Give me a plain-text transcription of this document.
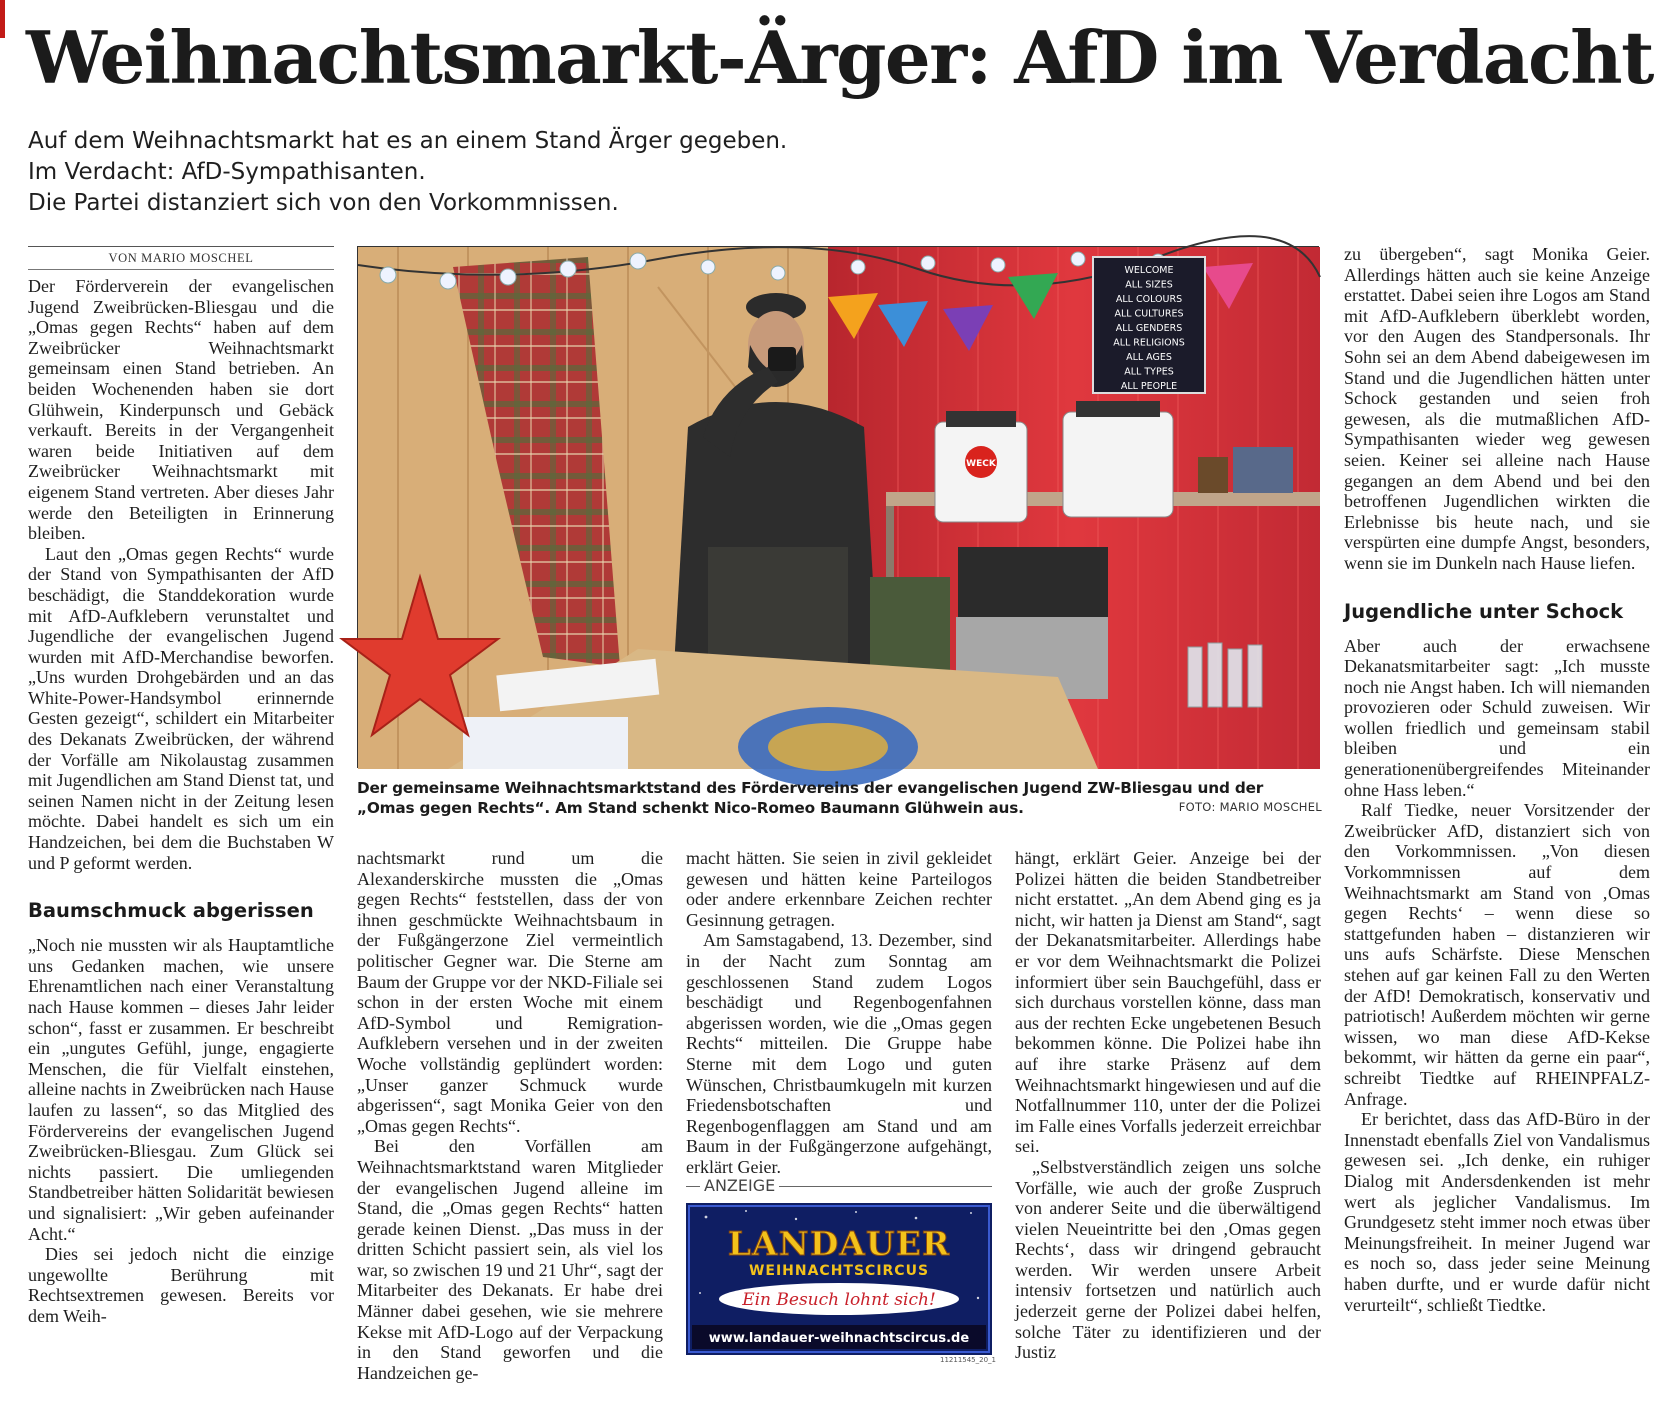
Weihnachtsmarkt-Ärger: AfD im Verdacht
Auf dem Weihnachtsmarkt hat es an einem Stand Ärger gegeben.
Im Verdacht: AfD-Sympathisanten.
Die Partei distanziert sich von den Vorkommnissen.
VON MARIO MOSCHEL

Der Förderverein der evangelischen Jugend Zweibrücken-Bliesgau und die „Omas gegen Rechts“ haben auf dem Zweibrücker Weihnachtsmarkt gemeinsam einen Stand betrieben. An beiden Wochenenden haben sie dort Glühwein, Kinderpunsch und Gebäck verkauft. Bereits in der Vergangenheit waren beide Initiativen auf dem Zweibrücker Weihnachtsmarkt mit eigenem Stand vertreten. Aber dieses Jahr werde den Beteiligten in Erinnerung bleiben.

Laut den „Omas gegen Rechts“ wurde der Stand von Sympathisanten der AfD beschädigt, die Standdekoration wurde mit AfD-Aufklebern verunstaltet und Jugendliche der evangelischen Jugend wurden mit AfD-Merchandise beworfen. „Uns wurden Drohgebärden und an das White-Power-Handsymbol erinnernde Gesten gezeigt“, schildert ein Mitarbeiter des Dekanats Zweibrücken, der während der Vorfälle am Nikolaustag zusammen mit Jugendlichen am Stand Dienst tat, und seinen Namen nicht in der Zeitung lesen möchte. Dabei handelt es sich um ein Handzeichen, bei dem die Buchstaben W und P geformt werden.

Baumschmuck abgerissen

„Noch nie mussten wir als Hauptamtliche uns Gedanken machen, wie unsere Ehrenamtlichen nach einer Veranstaltung nach Hause kommen – dieses Jahr leider schon“, fasst er zusammen. Er beschreibt ein „ungutes Gefühl, junge, engagierte Menschen, die für Vielfalt einstehen, alleine nachts in Zweibrücken nach Hause laufen zu lassen“, so das Mitglied des Fördervereins der evangelischen Jugend Zweibrücken-Bliesgau. Zum Glück sei nichts passiert. Die umliegenden Standbetreiber hätten Solidarität bewiesen und signalisiert: „Wir geben aufeinander Acht.“

Dies sei jedoch nicht die einzige ungewollte Berührung mit Rechtsextremen gewesen. Bereits vor dem Weih-

WELCOME
ALL SIZES
ALL COLOURS
ALL CULTURES
ALL GENDERS
ALL RELIGIONS
ALL AGES
ALL TYPES
ALL PEOPLE
WECK
Der gemeinsame Weihnachtsmarktstand des Fördervereins der evangelischen Jugend ZW-Bliesgau und der „Omas gegen Rechts“. Am Stand schenkt Nico-Romeo Baumann Glühwein aus.	FOTO: MARIO MOSCHEL

nachtsmarkt rund um die Alexanderskirche mussten die „Omas gegen Rechts“ feststellen, dass der von ihnen geschmückte Weihnachtsbaum in der Fußgängerzone Ziel vermeintlich politischer Gegner war. Die Sterne am Baum der Gruppe vor der NKD-Filiale sei schon in der ersten Woche mit einem AfD-Symbol und Remigration-Aufklebern versehen und in der zweiten Woche vollständig geplündert worden: „Unser ganzer Schmuck wurde abgerissen“, sagt Monika Geier von den „Omas gegen Rechts“.

Bei den Vorfällen am Weihnachtsmarktstand waren Mitglieder der evangelischen Jugend alleine im Stand, die „Omas gegen Rechts“ hatten gerade keinen Dienst. „Das muss in der dritten Schicht passiert sein, als viel los war, so zwischen 19 und 21 Uhr“, sagt der Mitarbeiter des Dekanats. Er habe drei Männer dabei gesehen, wie sie mehrere Kekse mit AfD-Logo auf der Verpackung in den Stand geworfen und die Handzeichen ge-

macht hätten. Sie seien in zivil gekleidet gewesen und hätten keine Parteilogos oder andere erkennbare Zeichen rechter Gesinnung getragen.

Am Samstagabend, 13. Dezember, sind in der Nacht zum Sonntag am geschlossenen Stand zudem Logos beschädigt und Regenbogenfahnen abgerissen worden, wie die „Omas gegen Rechts“ mitteilen. Die Gruppe habe Sterne mit dem Logo und guten Wünschen, Christbaumkugeln mit kurzen Friedensbotschaften und Regenbogenflaggen am Stand und am Baum in der Fußgängerzone aufgehängt, erklärt Geier.

ANZEIGE
LANDAUER
WEIHNACHTSCIRCUS
Ein Besuch lohnt sich!
www.landauer-weihnachtscircus.de
11211545_20_1

hängt, erklärt Geier. Anzeige bei der Polizei hätten die beiden Standbetreiber nicht erstattet. „An dem Abend ging es ja nicht, wir hatten ja Dienst am Stand“, sagt der Dekanatsmitarbeiter. Allerdings habe er vor dem Weihnachtsmarkt die Polizei informiert über sein Bauchgefühl, dass er sich durchaus vorstellen könne, dass man aus der rechten Ecke ungebetenen Besuch bekommen könne. Die Polizei habe ihn auf ihre starke Präsenz auf dem Weihnachtsmarkt hingewiesen und auf die Notfallnummer 110, unter der die Polizei im Falle eines Vorfalls jederzeit erreichbar sei.

„Selbstverständlich zeigen uns solche Vorfälle, wie auch der große Zuspruch von anderer Seite und die überwältigend vielen Neueintritte bei den ‚Omas gegen Rechts‘, dass wir dringend gebraucht werden. Wir werden unsere Arbeit intensiv fortsetzen und natürlich auch jederzeit gerne der Polizei dabei helfen, solche Täter zu identifizieren und der Justiz

zu übergeben“, sagt Monika Geier. Allerdings hätten auch sie keine Anzeige erstattet. Dabei seien ihre Logos am Stand mit AfD-Aufklebern überklebt worden, vor den Augen des Standpersonals. Ihr Sohn sei an dem Abend dabeigewesen im Stand und die Jugendlichen hätten unter Schock gestanden und seien froh gewesen, als die mutmaßlichen AfD-Sympathisanten wieder weg gewesen seien. Keiner sei alleine nach Hause gegangen an dem Abend und bei den betroffenen Jugendlichen wirkten die Erlebnisse bis heute nach, und sie verspürten eine dumpfe Angst, besonders, wenn sie im Dunkeln nach Hause liefen.

Jugendliche unter Schock

Aber auch der erwachsene Dekanatsmitarbeiter sagt: „Ich musste noch nie Angst haben. Ich will niemanden provozieren oder Schuld zuweisen. Wir wollen friedlich und gemeinsam stabil bleiben und ein generationenübergreifendes Miteinander ohne Hass leben.“

Ralf Tiedke, neuer Vorsitzender der Zweibrücker AfD, distanziert sich von den Vorkommnissen. „Von diesen Vorkommnissen auf dem Weihnachtsmarkt am Stand von ‚Omas gegen Rechts‘ – wenn diese so stattgefunden haben – distanzieren wir uns aufs Schärfste. Diese Menschen stehen auf gar keinen Fall zu den Werten der AfD! Demokratisch, konservativ und patriotisch! Außerdem möchten wir gerne wissen, wo man diese AfD-Kekse bekommt, wir hätten da gerne ein paar“, schreibt Tiedtke auf RHEINPFALZ-Anfrage.

Er berichtet, dass das AfD-Büro in der Innenstadt ebenfalls Ziel von Vandalismus gewesen sei. „Ich denke, ein ruhiger Dialog mit Andersdenkenden ist mehr wert als jeglicher Vandalismus. Im Grundgesetz steht immer noch etwas über Meinungsfreiheit. In meiner Jugend war es noch so, dass jeder seine Meinung haben durfte, und er wurde dafür nicht verurteilt“, schließt Tiedtke.
